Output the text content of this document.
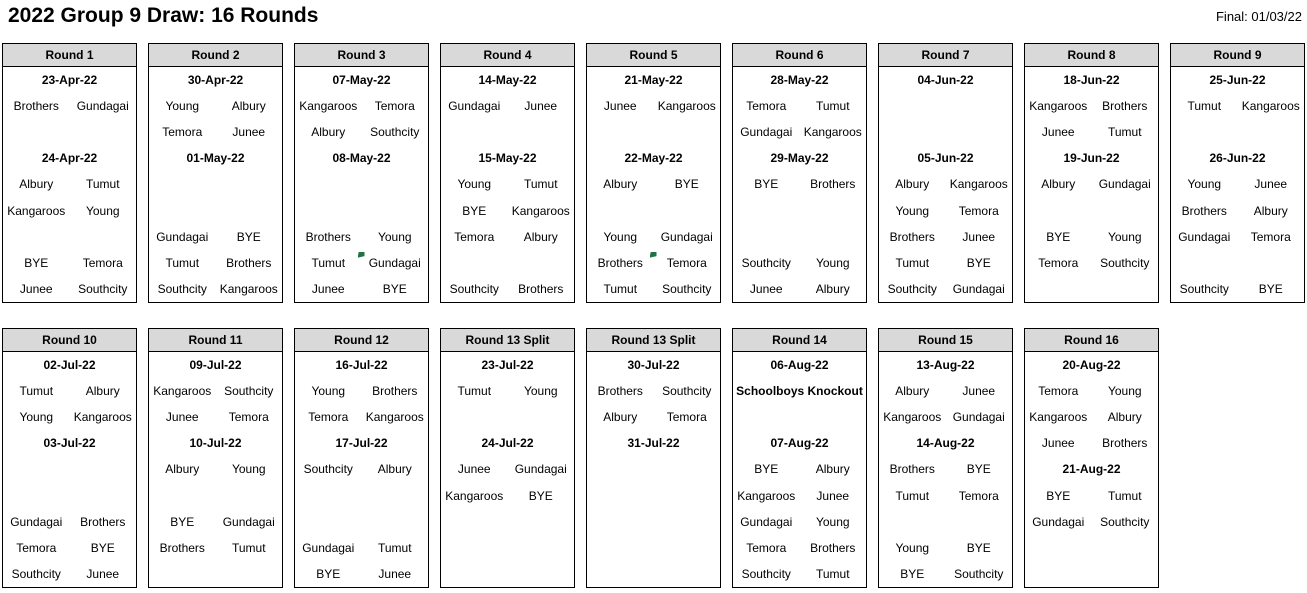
2022 Group 9 Draw: 16 Rounds	Final: 01/03/22
Round 1
23-Apr-22
Brothers	Gundagai
24-Apr-22
Albury	Tumut
Kangaroos	Young
BYE	Temora
Junee	Southcity
Round 2
30-Apr-22
Young	Albury
Temora	Junee
01-May-22
Gundagai	BYE
Tumut	Brothers
Southcity	Kangaroos
Round 3
07-May-22
Kangaroos	Temora
Albury	Southcity
08-May-22
Brothers	Young
Tumut	Gundagai
Junee	BYE
Round 4
14-May-22
Gundagai	Junee
15-May-22
Young	Tumut
BYE	Kangaroos
Temora	Albury
Southcity	Brothers
Round 5
21-May-22
Junee	Kangaroos
22-May-22
Albury	BYE
Young	Gundagai
Brothers	Temora
Tumut	Southcity
Round 6
28-May-22
Temora	Tumut
Gundagai Kangaroos
29-May-22
BYE	Brothers
Southcity	Young
Junee	Albury
Round 7
04-Jun-22
05-Jun-22
Albury	Kangaroos
Young	Temora
Brothers	Junee
Tumut	BYE
Southcity	Gundagai
Round 8
18-Jun-22
Kangaroos	Brothers
Junee	Tumut
19-Jun-22
Albury	Gundagai
BYE	Young
Temora	Southcity
Round 9
25-Jun-22
Tumut	Kangaroos
26-Jun-22
Young	Junee
Brothers	Albury
Gundagai	Temora
Southcity	BYE
Round 10
02-Jul-22
Tumut	Albury
Young	Kangaroos
03-Jul-22
Gundagai	Brothers
Temora	BYE
Southcity	Junee
Round 11
09-Jul-22
Kangaroos	Southcity
Junee	Temora
10-Jul-22
Albury	Young
BYE	Gundagai
Brothers	Tumut
Round 12
16-Jul-22
Young	Brothers
Temora	Kangaroos
17-Jul-22
Southcity	Albury
Gundagai	Tumut
BYE	Junee
Round 13 Split
23-Jul-22
Tumut	Young
24-Jul-22
Junee	Gundagai
Kangaroos	BYE
Round 13 Split
30-Jul-22
Brothers	Southcity
Albury	Temora
31-Jul-22
Round 14
06-Aug-22
Schoolboys Knockout
07-Aug-22
BYE	Albury
Kangaroos	Junee
Gundagai	Young
Temora	Brothers
Southcity	Tumut
Round 15
13-Aug-22
Albury	Junee
Kangaroos Gundagai
14-Aug-22
Brothers	BYE
Tumut	Temora
Young	BYE
BYE	Southcity
Round 16
20-Aug-22
Temora	Young
Kangaroos	Albury
Junee	Brothers
21-Aug-22
BYE	Tumut
Gundagai	Southcity
